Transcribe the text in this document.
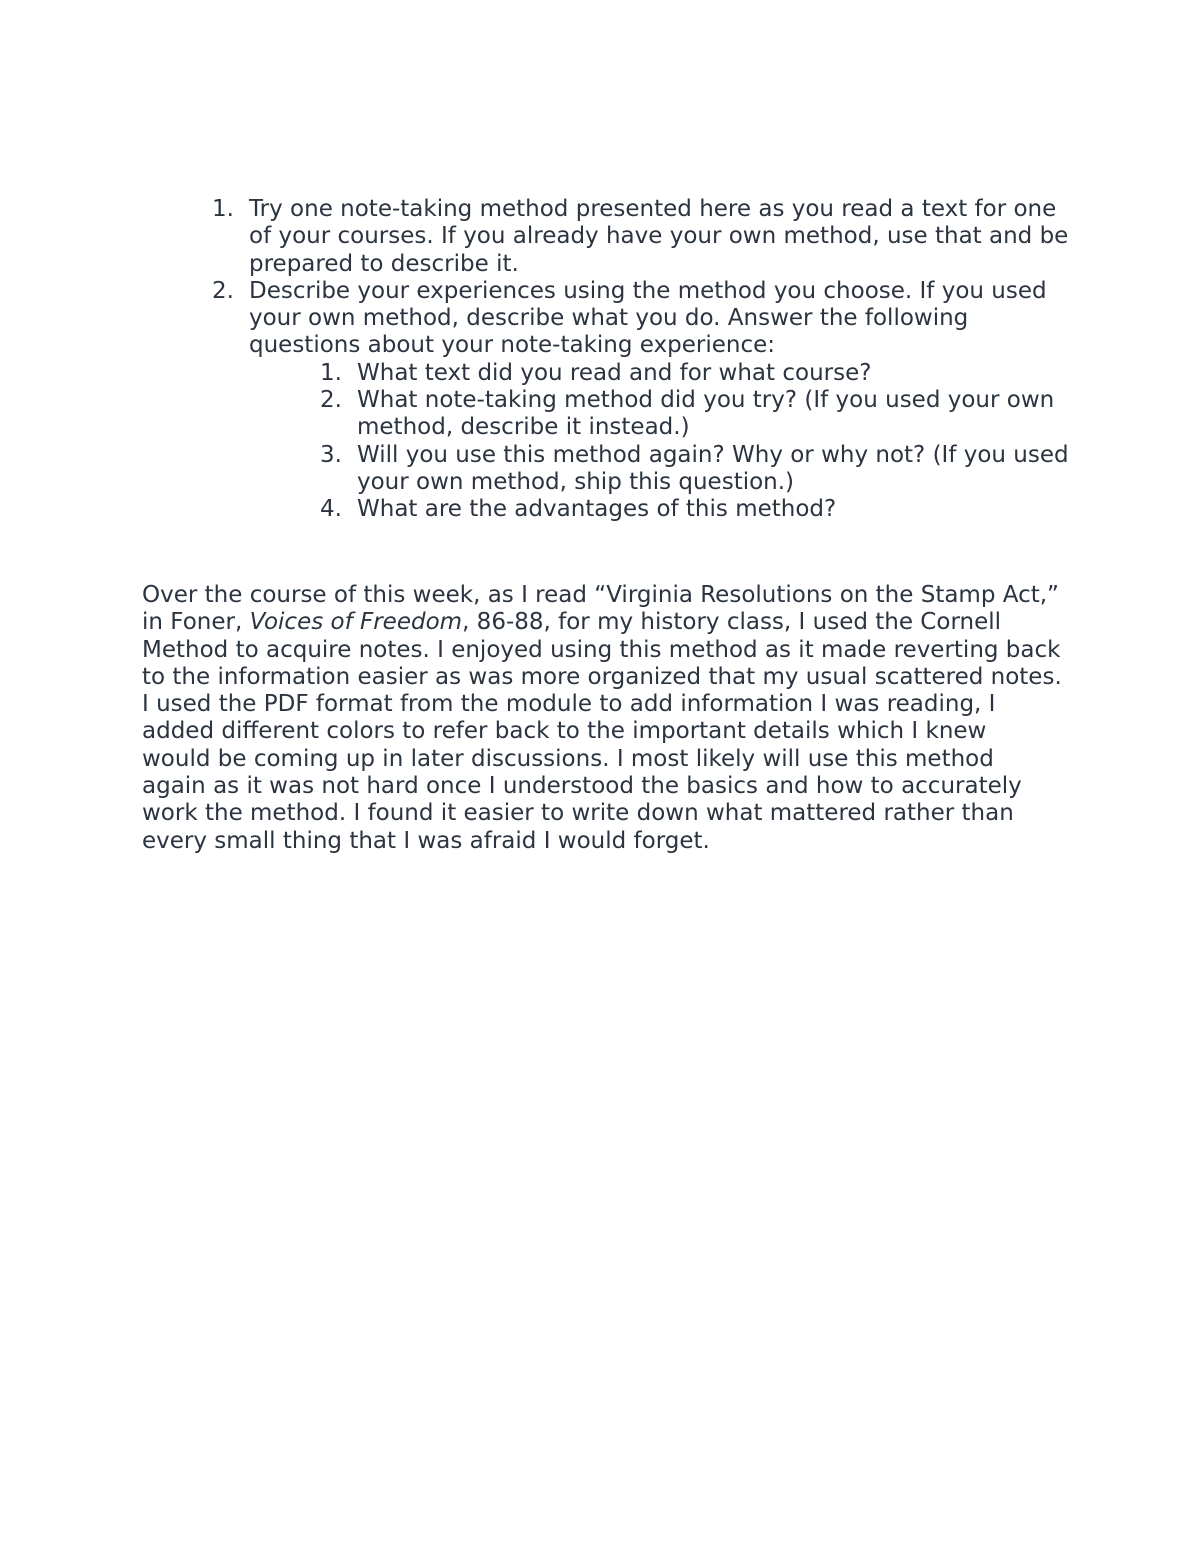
1. Try one note-taking method presented here as you read a text for one of your courses. If you already have your own method, use that and be prepared to describe it.
2. Describe your experiences using the method you choose. If you used your own method, describe what you do. Answer the following questions about your note-taking experience:
1. What text did you read and for what course?
2. What note-taking method did you try? (If you used your own method, describe it instead.)
3. Will you use this method again? Why or why not? (If you used your own method, ship this question.)
4. What are the advantages of this method?

Over the course of this week, as I read “Virginia Resolutions on the Stamp Act,” in Foner, Voices of Freedom, 86-88, for my history class, I used the Cornell Method to acquire notes. I enjoyed using this method as it made reverting back to the information easier as was more organized that my usual scattered notes. I used the PDF format from the module to add information I was reading, I added different colors to refer back to the important details which I knew would be coming up in later discussions. I most likely will use this method again as it was not hard once I understood the basics and how to accurately work the method. I found it easier to write down what mattered rather than every small thing that I was afraid I would forget.
